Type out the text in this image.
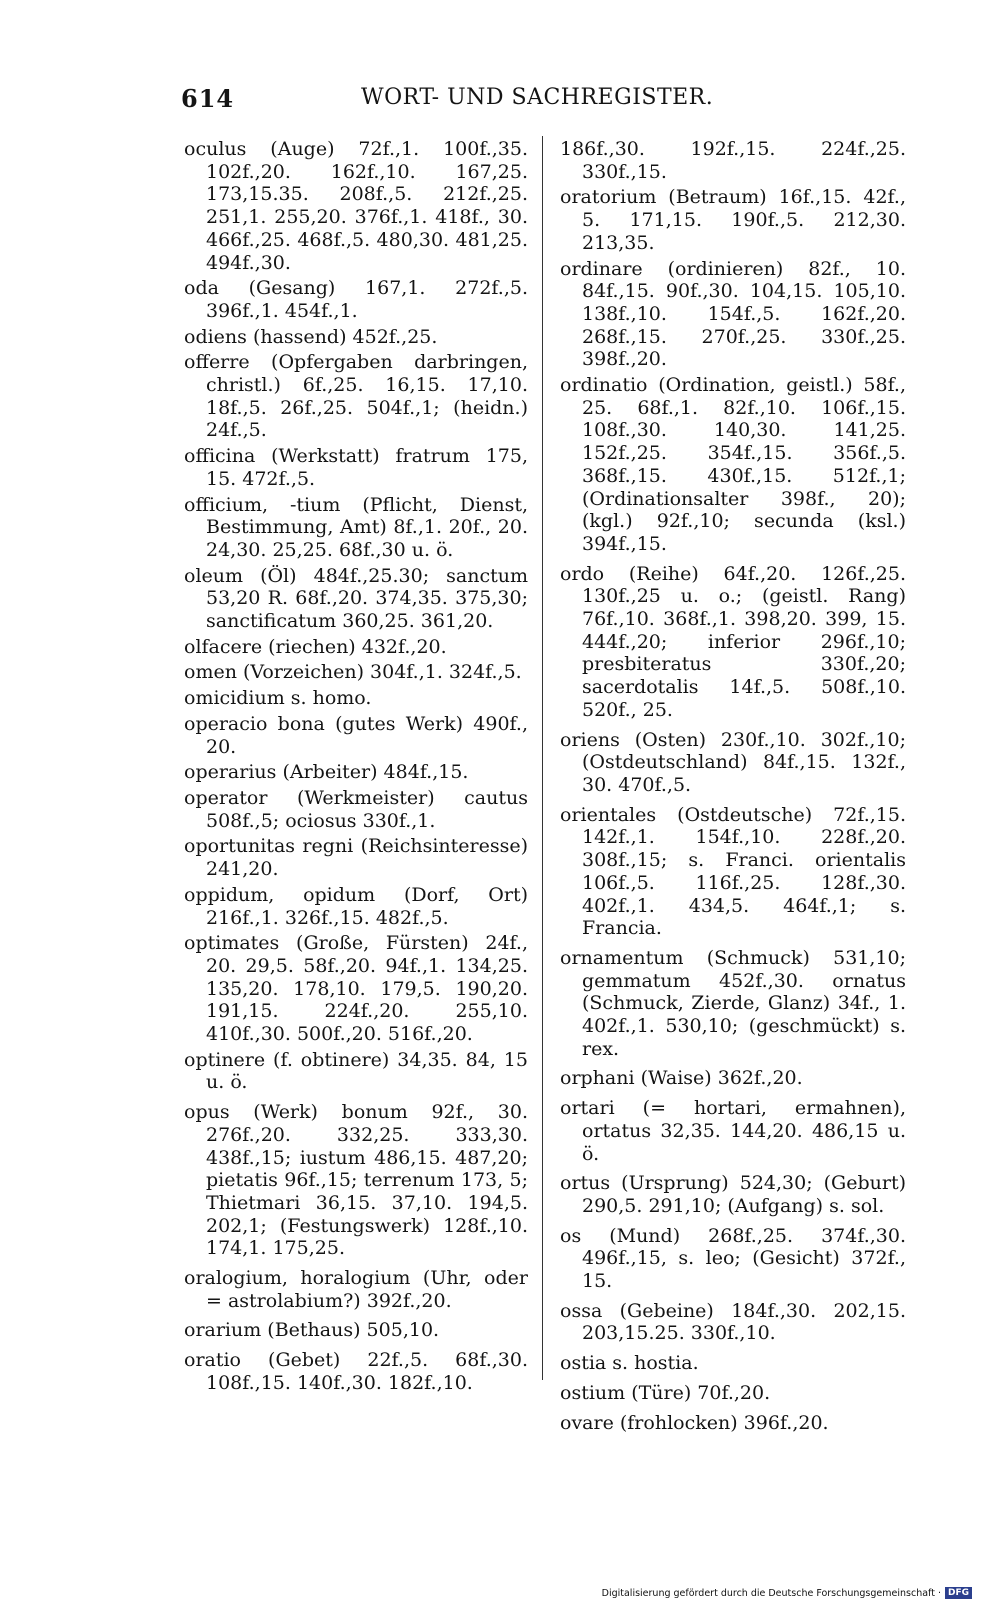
614	WORT- UND SACHREGISTER.
oculus (Auge) 72f.,1. 100f.,35. 102f.,20. 162f.,10. 167,25. 173,15.35. 208f.,5. 212f.,25. 251,1. 255,20. 376f.,1. 418f., 30. 466f.,25. 468f.,5. 480,30. 481,25. 494f.,30.
oda (Gesang) 167,1. 272f.,5. 396f.,1. 454f.,1.
odiens (hassend) 452f.,25.
offerre (Opfergaben darbringen, christl.) 6f.,25. 16,15. 17,10. 18f.,5. 26f.,25. 504f.,1; (heidn.) 24f.,5.
officina (Werkstatt) fratrum 175, 15. 472f.,5.
officium, -tium (Pflicht, Dienst, Bestimmung, Amt) 8f.,1. 20f., 20. 24,30. 25,25. 68f.,30 u. ö.
oleum (Öl) 484f.,25.30; sanctum 53,20 R. 68f.,20. 374,35. 375,30; sanctificatum 360,25. 361,20.
olfacere (riechen) 432f.,20.
omen (Vorzeichen) 304f.,1. 324f.,5.
omicidium s. homo.
operacio bona (gutes Werk) 490f., 20.
operarius (Arbeiter) 484f.,15.
operator (Werkmeister) cautus 508f.,5; ociosus 330f.,1.
oportunitas regni (Reichsinteresse) 241,20.
oppidum, opidum (Dorf, Ort) 216f.,1. 326f.,15. 482f.,5.
optimates (Große, Fürsten) 24f., 20. 29,5. 58f.,20. 94f.,1. 134,25. 135,20. 178,10. 179,5. 190,20. 191,15. 224f.,20. 255,10. 410f.,30. 500f.,20. 516f.,20.
optinere (f. obtinere) 34,35. 84, 15 u. ö.
opus (Werk) bonum 92f., 30. 276f.,20. 332,25. 333,30. 438f.,15; iustum 486,15. 487,20; pietatis 96f.,15; terrenum 173, 5; Thietmari 36,15. 37,10. 194,5. 202,1; (Festungswerk) 128f.,10. 174,1. 175,25.
oralogium, horalogium (Uhr, oder = astrolabium?) 392f.,20.
orarium (Bethaus) 505,10.
oratio (Gebet) 22f.,5. 68f.,30. 108f.,15. 140f.,30. 182f.,10.
186f.,30. 192f.,15. 224f.,25. 330f.,15.
oratorium (Betraum) 16f.,15. 42f., 5. 171,15. 190f.,5. 212,30. 213,35.
ordinare (ordinieren) 82f., 10. 84f.,15. 90f.,30. 104,15. 105,10. 138f.,10. 154f.,5. 162f.,20. 268f.,15. 270f.,25. 330f.,25. 398f.,20.
ordinatio (Ordination, geistl.) 58f., 25. 68f.,1. 82f.,10. 106f.,15. 108f.,30. 140,30. 141,25. 152f.,25. 354f.,15. 356f.,5. 368f.,15. 430f.,15. 512f.,1; (Ordinationsalter 398f., 20); (kgl.) 92f.,10; secunda (ksl.) 394f.,15.
ordo (Reihe) 64f.,20. 126f.,25. 130f.,25 u. o.; (geistl. Rang) 76f.,10. 368f.,1. 398,20. 399, 15. 444f.,20; inferior 296f.,10; presbiteratus 330f.,20; sacerdotalis 14f.,5. 508f.,10. 520f., 25.
oriens (Osten) 230f.,10. 302f.,10; (Ostdeutschland) 84f.,15. 132f., 30. 470f.,5.
orientales (Ostdeutsche) 72f.,15. 142f.,1. 154f.,10. 228f.,20. 308f.,15; s. Franci. orientalis 106f.,5. 116f.,25. 128f.,30. 402f.,1. 434,5. 464f.,1; s. Francia.
ornamentum (Schmuck) 531,10; gemmatum 452f.,30. ornatus (Schmuck, Zierde, Glanz) 34f., 1. 402f.,1. 530,10; (geschmückt) s. rex.
orphani (Waise) 362f.,20.
ortari (= hortari, ermahnen), ortatus 32,35. 144,20. 486,15 u. ö.
ortus (Ursprung) 524,30; (Geburt) 290,5. 291,10; (Aufgang) s. sol.
os (Mund) 268f.,25. 374f.,30. 496f.,15, s. leo; (Gesicht) 372f., 15.
ossa (Gebeine) 184f.,30. 202,15. 203,15.25. 330f.,10.
ostia s. hostia.
ostium (Türe) 70f.,20.
ovare (frohlocken) 396f.,20.
Digitalisierung gefördert durch die Deutsche Forschungsgemeinschaft · DFG
